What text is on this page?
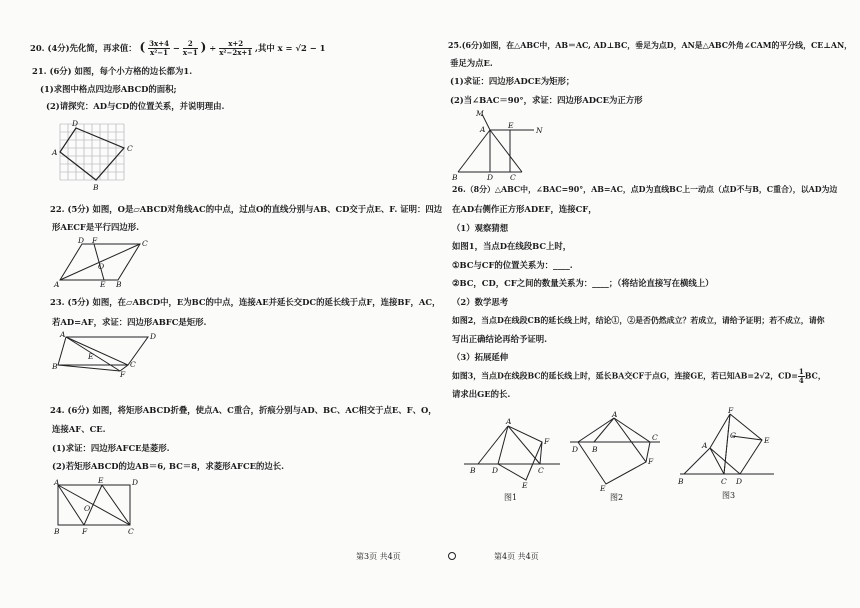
20. (4分)先化简，再求值： ( $\frac{3x+4}{\text{x²−1}} - \frac{2}{x-1}$ ) ÷ $\frac{x+2}{\text{x²−2x+1}}$ ,其中 x = √2 − 1
21. (6分) 如图，每个小方格的边长都为1.
(1)求图中格点四边形ABCD的面积;
(2)请探究：AD与CD的位置关系，并说明理由.
D
A	C
B
22. (5分) 如图，O是▱ABCD对角线AC的中点，过点O的直线分别与AB、CD交于点E、F. 证明：四边
形AECF是平行四边形.
D F	C
O
A	E B
23. (5分) 如图，在▱ABCD中，E为BC的中点，连接AE并延长交DC的延长线于点F，连接BF，AC，
若AD=AF，求证：四边形ABFC是矩形.
A	D
B
E
C
F
24. (6分) 如图，将矩形ABCD折叠，使点A、C重合，折痕分别与AD、BC、AC相交于点E、F、O，
连接AF、CE.
(1)求证：四边形AFCE是菱形.
(2)若矩形ABCD的边AB＝6, BC＝8，求菱形AFCE的边长.
A	E	D
O
B	F	C
第3页 共4页
25.(6分)如图，在△ABC中，AB＝AC, AD⊥BC，垂足为点D，AN是△ABC外角∠CAM的平分线，CE⊥AN，
垂足为点E.
(1)求证：四边形ADCE为矩形；
(2)当∠BAC＝90°，求证：四边形ADCE为正方形
M
A	E
N
B	D C
26.（8分）△ABC中，∠BAC=90°，AB=AC，点D为直线BC上一动点（点D不与B，C重合），以AD为边
在AD右侧作正方形ADEF，连接CF，
（1）观察猜想
如图1，当点D在线段BC上时，
①BC与CF的位置关系为：____.
②BC，CD，CF之间的数量关系为：____；（将结论直接写在横线上）
（2）数学思考
如图2，当点D在线段CB的延长线上时，结论①，②是否仍然成立？若成立，请给予证明；若不成立，请你
写出正确结论再给予证明.
（3）拓展延伸
如图3，当点D在线段BC的延长线上时，延长BA交CF于点G，连接GE，若已知AB=2√2，$CD= \frac{1}{4}$ BC，
请求出GE的长.
A
F
B D	C
E
图1
A
C
D B
F
E
图2
F
G
E
A
B	C D
图3
第4页 共4页
